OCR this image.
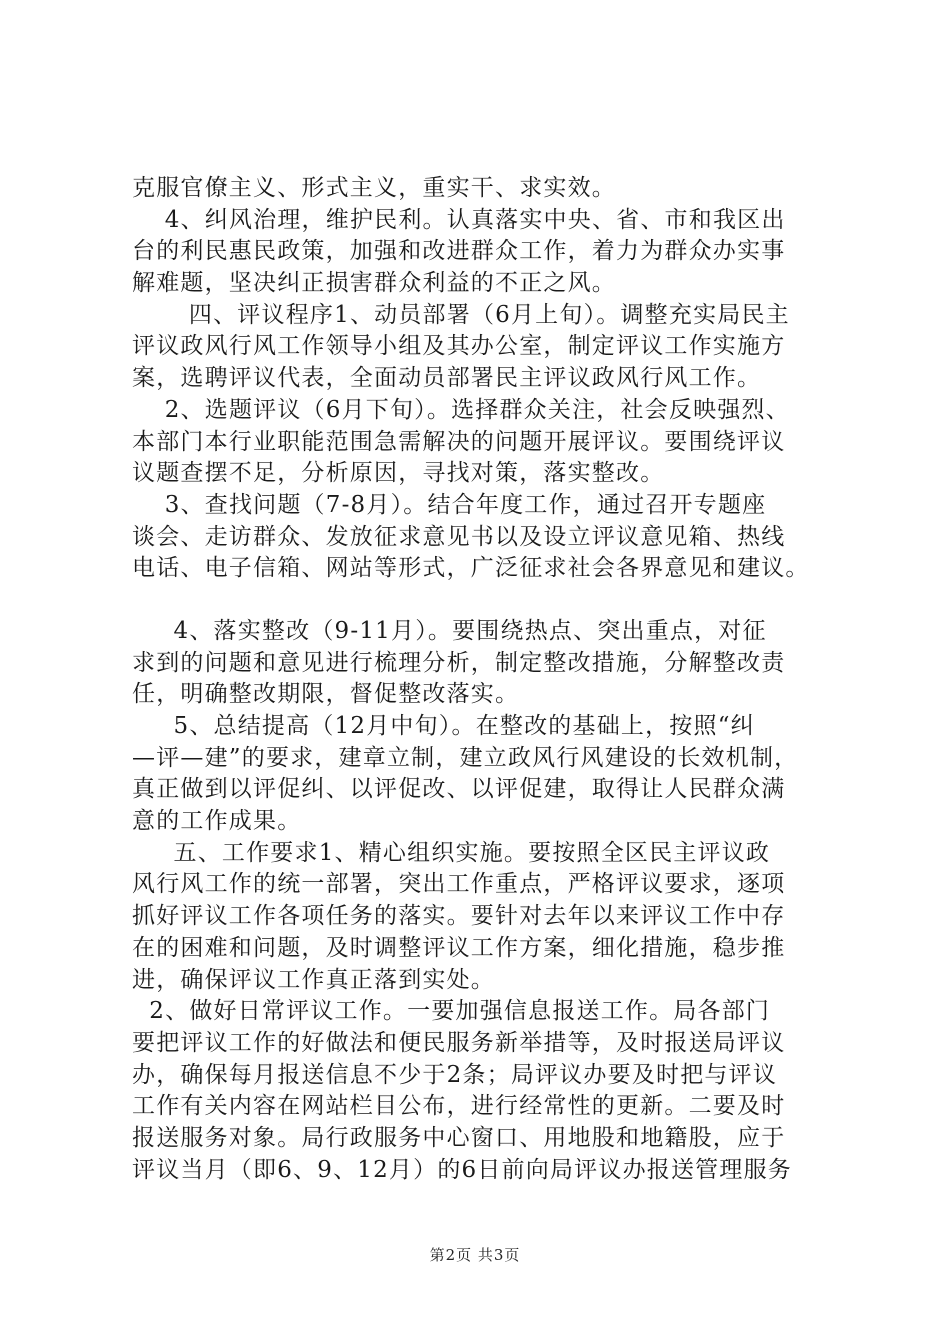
克服官僚主义、形式主义，重实干、求实效。
　 4、纠风治理，维护民利。认真落实中央、省、市和我区出
台的利民惠民政策，加强和改进群众工作，着力为群众办实事
解难题，坚决纠正损害群众利益的不正之风。
　 　四、评议程序1、动员部署（6月上旬）。调整充实局民主
评议政风行风工作领导小组及其办公室，制定评议工作实施方
案，选聘评议代表，全面动员部署民主评议政风行风工作。
　 2、选题评议（6月下旬）。选择群众关注，社会反映强烈、
本部门本行业职能范围急需解决的问题开展评议。要围绕评议
议题查摆不足，分析原因，寻找对策，落实整改。
　 3、查找问题（7-8月）。结合年度工作，通过召开专题座
谈会、走访群众、发放征求意见书以及设立评议意见箱、热线
电话、电子信箱、网站等形式，广泛征求社会各界意见和建议。
　  4、落实整改（9-11月）。要围绕热点、突出重点，对征
求到的问题和意见进行梳理分析，制定整改措施，分解整改责
任，明确整改期限，督促整改落实。
　  5、总结提高（12月中旬）。在整改的基础上，按照“纠
—评—建”的要求，建章立制，建立政风行风建设的长效机制，
真正做到以评促纠、以评促改、以评促建，取得让人民群众满
意的工作成果。
　  五、工作要求1、精心组织实施。要按照全区民主评议政
风行风工作的统一部署，突出工作重点，严格评议要求，逐项
抓好评议工作各项任务的落实。要针对去年以来评议工作中存
在的困难和问题，及时调整评议工作方案，细化措施，稳步推
进，确保评议工作真正落到实处。
  2、做好日常评议工作。一要加强信息报送工作。局各部门
要把评议工作的好做法和便民服务新举措等，及时报送局评议
办，确保每月报送信息不少于2条；局评议办要及时把与评议
工作有关内容在网站栏目公布，进行经常性的更新。二要及时
报送服务对象。局行政服务中心窗口、用地股和地籍股，应于
评议当月（即6、9、12月）的6日前向局评议办报送管理服务
第2页 共3页
